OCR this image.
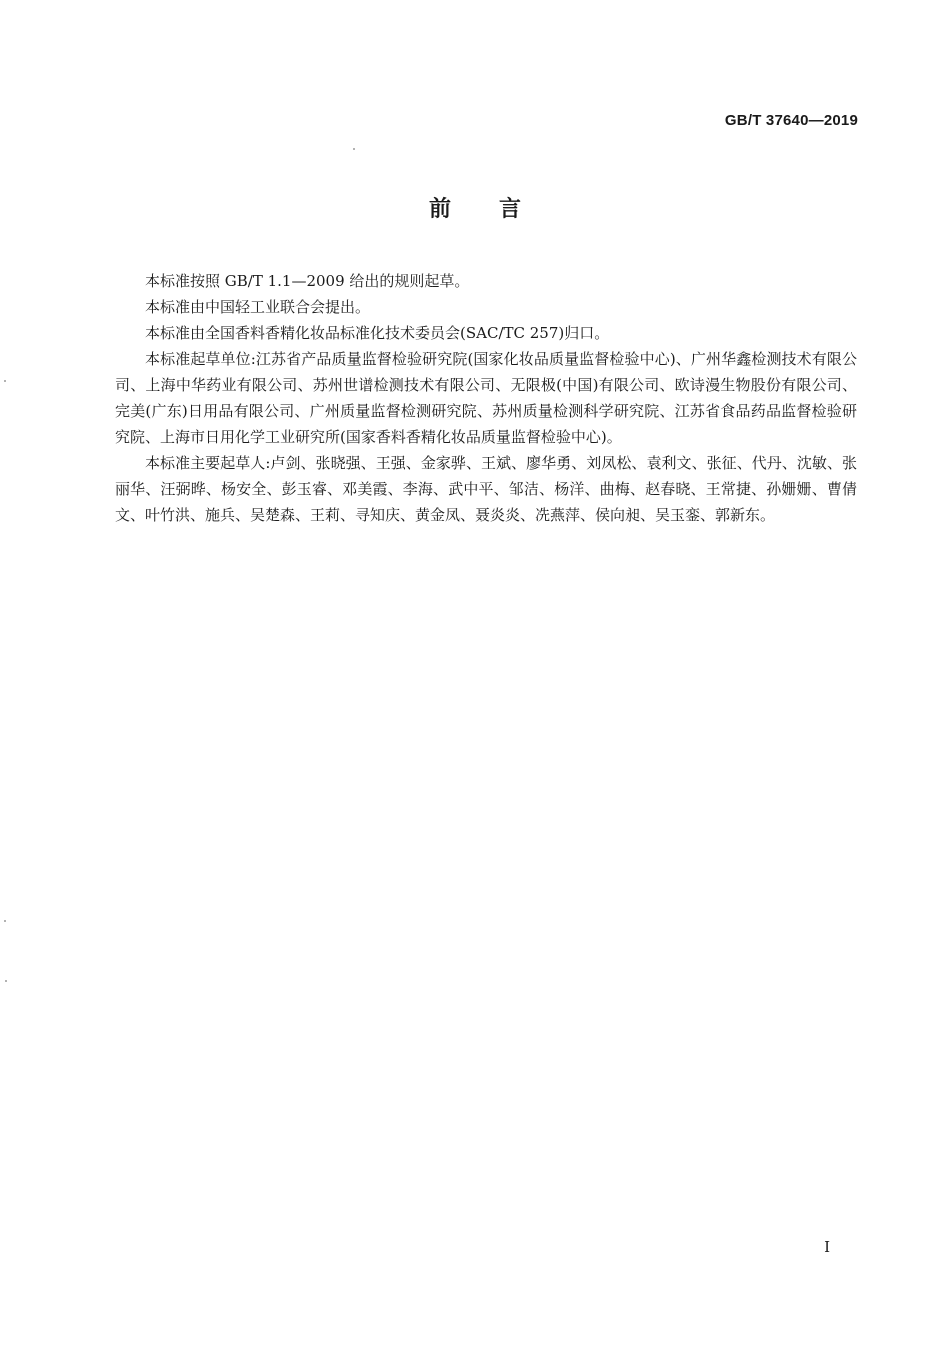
GB/T 37640—2019
前 言

本标准按照 GB/T 1.1—2009 给出的规则起草。

本标准由中国轻工业联合会提出。

本标准由全国香料香精化妆品标准化技术委员会(SAC/TC 257)归口。

本标准起草单位:江苏省产品质量监督检验研究院(国家化妆品质量监督检验中心)、广州华鑫检测技术有限公司、上海中华药业有限公司、苏州世谱检测技术有限公司、无限极(中国)有限公司、欧诗漫生物股份有限公司、完美(广东)日用品有限公司、广州质量监督检测研究院、苏州质量检测科学研究院、江苏省食品药品监督检验研究院、上海市日用化学工业研究所(国家香料香精化妆品质量监督检验中心)。

本标准主要起草人:卢剑、张晓强、王强、金家骅、王斌、廖华勇、刘凤松、袁利文、张征、代丹、沈敏、张丽华、汪弼晔、杨安全、彭玉睿、邓美霞、李海、武中平、邹洁、杨洋、曲梅、赵春晓、王常捷、孙姗姗、曹倩文、叶竹洪、施兵、吴楚森、王莉、寻知庆、黄金凤、聂炎炎、冼燕萍、侯向昶、吴玉銮、郭新东。

I
